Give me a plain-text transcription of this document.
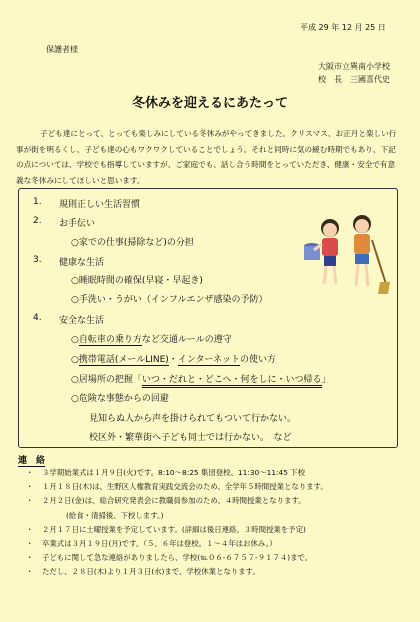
平成 29 年 12 月 25 日
保護者様
大阪市立巽南小学校
校　長　三國喜代史
冬休みを迎えるにあたって
子ども達にとって、とっても楽しみにしている冬休みがやってきました。クリスマス、お正月と楽しい行事が街を明るくし、子ども達の心もワクワクしていることでしょう。それと同時に気の緩む時期でもあり、下記の点については、学校でも指導していますが、ご家庭でも、話し合う時間をとっていただき、健康・安全で有意義な冬休みにしてほしいと思います。
1. 規則正しい生活習慣
2. お手伝い
○家での仕事(掃除など)の分担
3. 健康な生活
○睡眠時間の確保(早寝・早起き)
○手洗い・うがい（インフルエンザ感染の予防）
4. 安全な生活
○自転車の乗り方など交通ルールの遵守
○携帯電話(メールLINE)・インターネットの使い方
○居場所の把握「いつ・だれと・どこへ・何をしに・いつ帰る」
○危険な事態からの回避
見知らぬ人から声を掛けられてもついて行かない。
校区外・繁華街へ子ども同士では行かない。　など
連　絡
・ ３学期始業式は１月９日(火)です。8:10～8:25 集団登校、11:30～11:45 下校
・ １月１８日(木)は、生野区人権教育実践交流会のため、全学年５時間授業となります。
・ ２月２日(金)は、総合研究発表会に教職員参加のため、４時間授業となります。
(給食・清掃後、下校します。)
・ ２月１７日に土曜授業を予定しています。(詳細は後日連絡。３時間授業を予定)
・ 卒業式は３月１９日(月)です。（５、６年は登校。１～４年はお休み。）
・ 子どもに関して急な連絡がありましたら、学校(℡０６-６７５７-９１７４)まで。
・ ただし、２８日(木)より１月３日(水)まで、学校休業となります。
